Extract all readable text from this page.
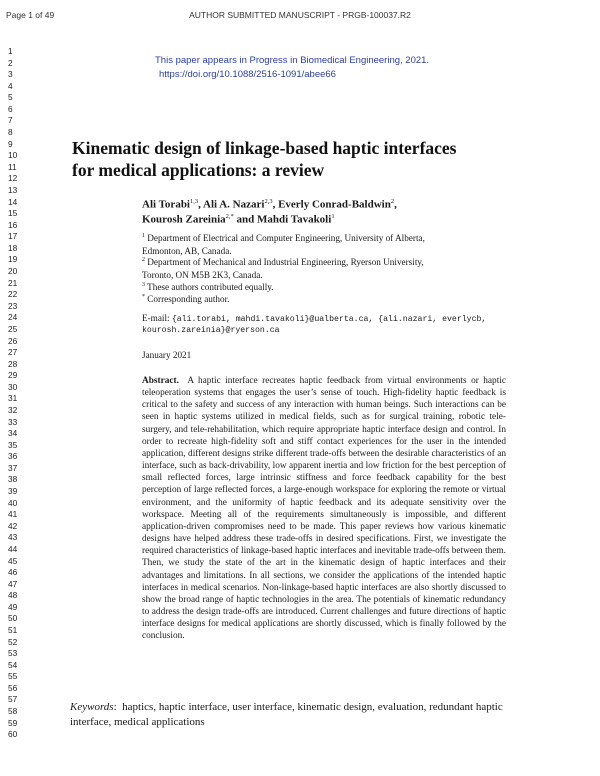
Page 1 of 49	AUTHOR SUBMITTED MANUSCRIPT - PRGB-100037.R2
1
2
3
4
5
6
7
8
9
10
11
12
13
14
15
16
17
18
19
20
21
22
23
24
25
26
27
28
29
30
31
32
33
34
35
36
37
38
39
40
41
42
43
44
45
46
47
48
49
50
51
52
53
54
55
56
57
58
59
60
This paper appears in Progress in Biomedical Engineering, 2021.
https://doi.org/10.1088/2516-1091/abee66
Kinematic design of linkage-based haptic interfaces
for medical applications: a review
Ali Torabi$^{1,3}$, Ali A. Nazari$^{2,3}$, Everly Conrad-Baldwin$^2$,
Kourosh Zareinia$^{2,*}$ and Mahdi Tavakoli$^1$
$^1$ Department of Electrical and Computer Engineering, University of Alberta,
Edmonton, AB, Canada.
$^2$ Department of Mechanical and Industrial Engineering, Ryerson University,
Toronto, ON M5B 2K3, Canada.
$^3$ These authors contributed equally.
* Corresponding author.
E-mail: {ali.torabi, mahdi.tavakoli}@ualberta.ca, {ali.nazari, everlycb,
kourosh.zareinia}@ryerson.ca
January 2021

Abstract. A haptic interface recreates haptic feedback from virtual environments or haptic teleoperation systems that engages the user’s sense of touch. High-fidelity haptic feedback is critical to the safety and success of any interaction with human beings. Such interactions can be seen in haptic systems utilized in medical fields, such as for surgical training, robotic tele-surgery, and tele-rehabilitation, which require appropriate haptic interface design and control. In order to recreate high-fidelity soft and stiff contact experiences for the user in the intended application, different designs strike different trade-offs between the desirable characteristics of an interface, such as back-drivability, low apparent inertia and low friction for the best perception of small reflected forces, large intrinsic stiffness and force feedback capability for the best perception of large reflected forces, a large-enough workspace for exploring the remote or virtual environment, and the uniformity of haptic feedback and its adequate sensitivity over the workspace. Meeting all of the requirements simultaneously is impossible, and different application-driven compromises need to be made. This paper reviews how various kinematic designs have helped address these trade-offs in desired specifications. First, we investigate the required characteristics of linkage-based haptic interfaces and inevitable trade-offs between them. Then, we study the state of the art in the kinematic design of haptic interfaces and their advantages and limitations. In all sections, we consider the applications of the intended haptic interfaces in medical scenarios. Non-linkage-based haptic interfaces are also shortly discussed to show the broad range of haptic technologies in the area. The potentials of kinematic redundancy to address the design trade-offs are introduced. Current challenges and future directions of haptic interface designs for medical applications are shortly discussed, which is finally followed by the conclusion.

Keywords:  haptics, haptic interface, user interface, kinematic design, evaluation, redundant haptic interface, medical applications
